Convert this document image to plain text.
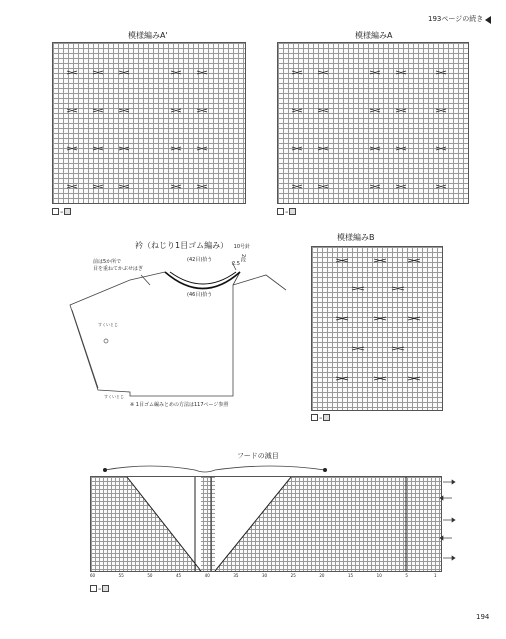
193ページの続き
模様編みA'
=
模様編みA
=
衿（ねじり1目ゴム編み） 10号針
前は5か所で
目を重ねてかぶせはぎ
(42目)拾う
(46目)拾う
2.5
2段
すくいとじ
すくいとじ
※ 1目ゴム編みとめの方法は117ページ参照
模様編みB
=
フードの減目
60	55	50	45	40	35	30	25	20	15	10	5	1
=
194
